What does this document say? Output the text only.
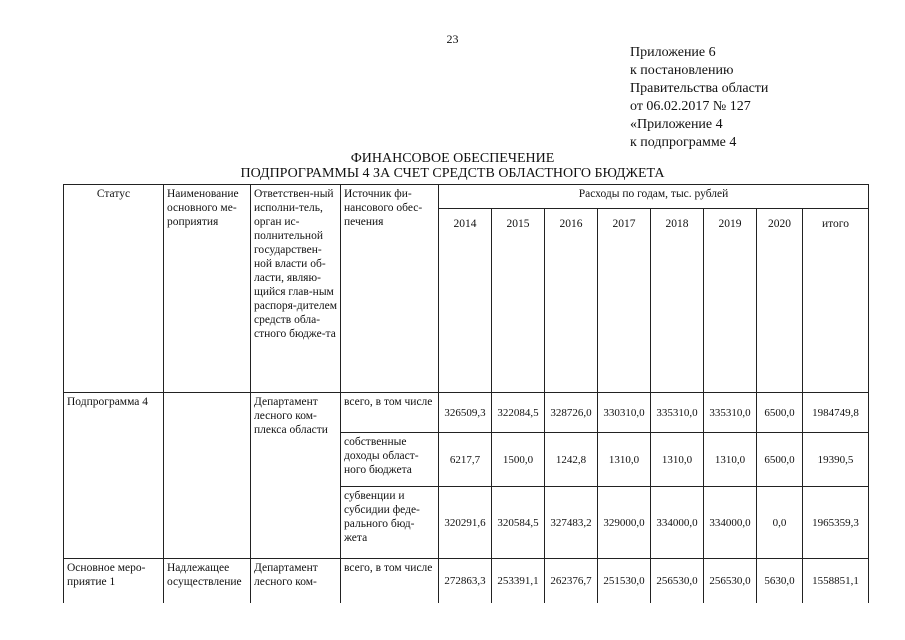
23
Приложение 6
к постановлению
Правительства области
от 06.02.2017 № 127
«Приложение 4
к подпрограмме 4
ФИНАНСОВОЕ ОБЕСПЕЧЕНИЕ
ПОДПРОГРАММЫ 4 ЗА СЧЕТ СРЕДСТВ ОБЛАСТНОГО БЮДЖЕТА
Статус	Наименование основного ме-роприятия	Ответствен-ный исполни-тель, орган ис-полнительной государствен-ной власти об-ласти, являю-щийся глав-ным распоря-дителем средств обла-стного бюдже-та	Источник фи-нансового обес-печения	Расходы по годам, тыс. рублей							
				2014	2015	2016	2017	2018	2019	2020	итого
Подпрограмма 4		Департамент лесного ком-плекса области	всего, в том числе	326509,3	322084,5	328726,0	330310,0	335310,0	335310,0	6500,0	1984749,8
			собственные доходы област-ного бюджета	6217,7	1500,0	1242,8	1310,0	1310,0	1310,0	6500,0	19390,5
			субвенции и субсидии феде-рального бюд-жета	320291,6	320584,5	327483,2	329000,0	334000,0	334000,0	0,0	1965359,3
Основное меро-приятие 1	Надлежащее осуществление	Департамент лесного ком-	всего, в том числе	272863,3	253391,1	262376,7	251530,0	256530,0	256530,0	5630,0	1558851,1
